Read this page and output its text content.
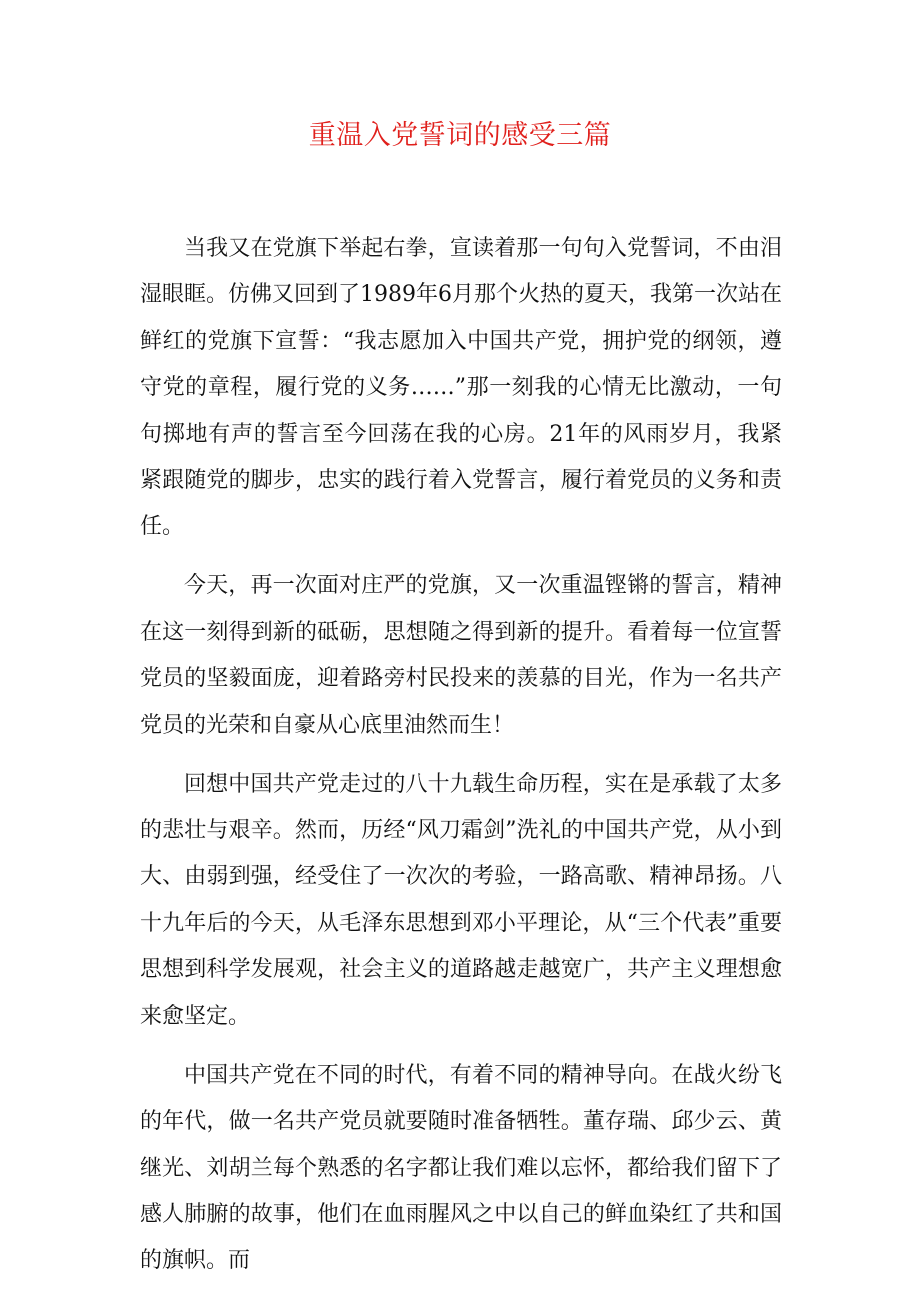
重温入党誓词的感受三篇

当我又在党旗下举起右拳，宣读着那一句句入党誓词，不由泪湿眼眶。仿佛又回到了1989年6月那个火热的夏天，我第一次站在鲜红的党旗下宣誓：“我志愿加入中国共产党，拥护党的纲领，遵守党的章程，履行党的义务……”那一刻我的心情无比激动，一句句掷地有声的誓言至今回荡在我的心房。21年的风雨岁月，我紧紧跟随党的脚步，忠实的践行着入党誓言，履行着党员的义务和责任。

今天，再一次面对庄严的党旗，又一次重温铿锵的誓言，精神在这一刻得到新的砥砺，思想随之得到新的提升。看着每一位宣誓党员的坚毅面庞，迎着路旁村民投来的羡慕的目光，作为一名共产党员的光荣和自豪从心底里油然而生！

回想中国共产党走过的八十九载生命历程，实在是承载了太多的悲壮与艰辛。然而，历经“风刀霜剑”洗礼的中国共产党，从小到大、由弱到强，经受住了一次次的考验，一路高歌、精神昂扬。八十九年后的今天，从毛泽东思想到邓小平理论，从“三个代表”重要思想到科学发展观，社会主义的道路越走越宽广，共产主义理想愈来愈坚定。

中国共产党在不同的时代，有着不同的精神导向。在战火纷飞的年代，做一名共产党员就要随时准备牺牲。董存瑞、邱少云、黄继光、刘胡兰每个熟悉的名字都让我们难以忘怀，都给我们留下了感人肺腑的故事，他们在血雨腥风之中以自己的鲜血染红了共和国的旗帜。而
